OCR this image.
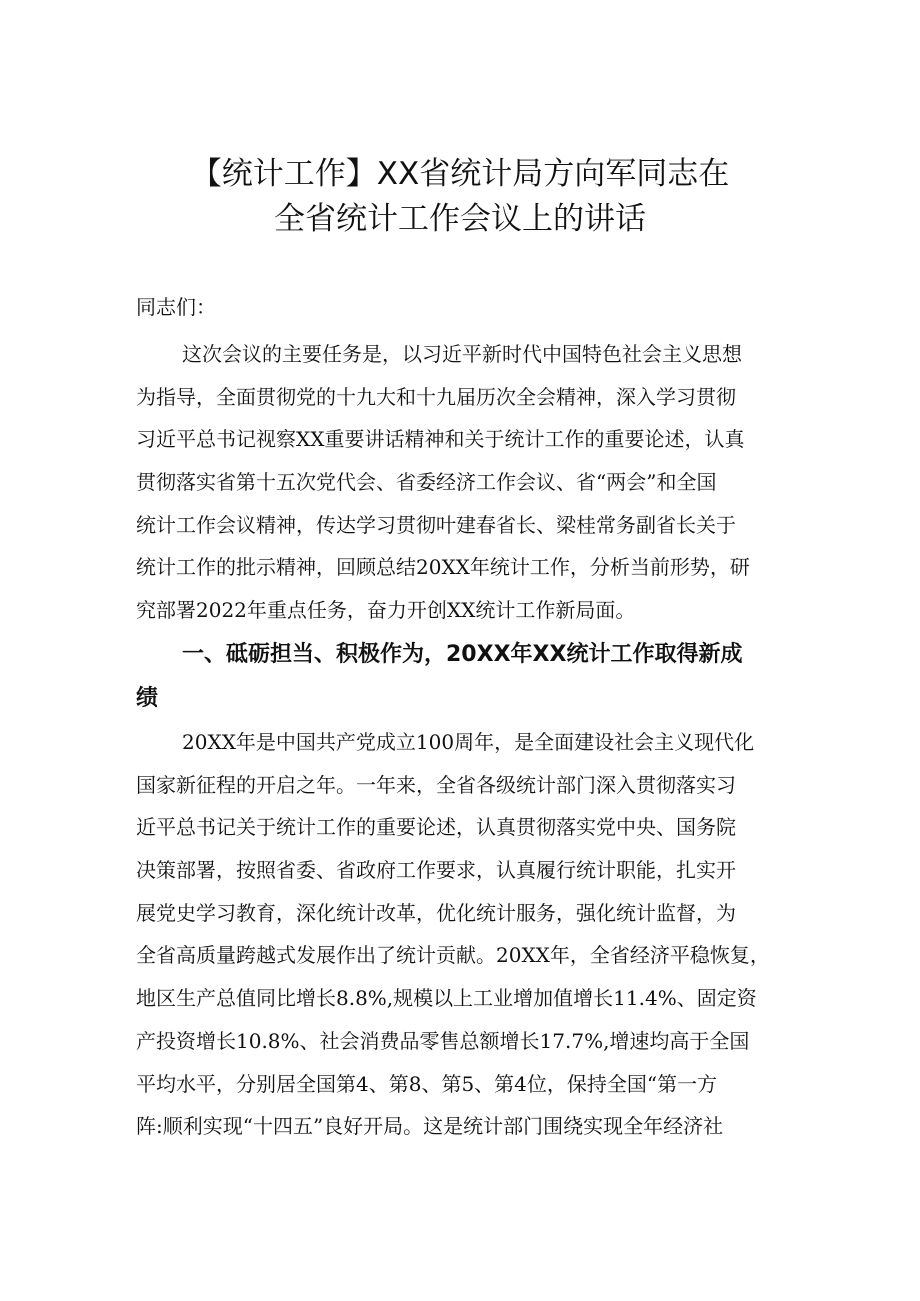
【统计工作】XX省统计局方向军同志在
全省统计工作会议上的讲话
同志们：
这次会议的主要任务是，以习近平新时代中国特色社会主义思想
为指导，全面贯彻党的十九大和十九届历次全会精神，深入学习贯彻
习近平总书记视察XX重要讲话精神和关于统计工作的重要论述，认真
贯彻落实省第十五次党代会、省委经济工作会议、省“两会”和全国
统计工作会议精神，传达学习贯彻叶建春省长、梁桂常务副省长关于
统计工作的批示精神，回顾总结20XX年统计工作，分析当前形势，研
究部署2022年重点任务，奋力开创XX统计工作新局面。
一、砥砺担当、积极作为，20XX年XX统计工作取得新成
绩
20XX年是中国共产党成立100周年，是全面建设社会主义现代化
国家新征程的开启之年。一年来，全省各级统计部门深入贯彻落实习
近平总书记关于统计工作的重要论述，认真贯彻落实党中央、国务院
决策部署，按照省委、省政府工作要求，认真履行统计职能，扎实开
展党史学习教育，深化统计改革，优化统计服务，强化统计监督，为
全省高质量跨越式发展作出了统计贡献。20XX年，全省经济平稳恢复，
地区生产总值同比增长8.8%,规模以上工业增加值增长11.4%、固定资
产投资增长10.8%、社会消费品零售总额增长17.7%,增速均高于全国
平均水平，分别居全国第4、第8、第5、第4位，保持全国“第一方
阵:顺利实现“十四五”良好开局。这是统计部门围绕实现全年经济社
